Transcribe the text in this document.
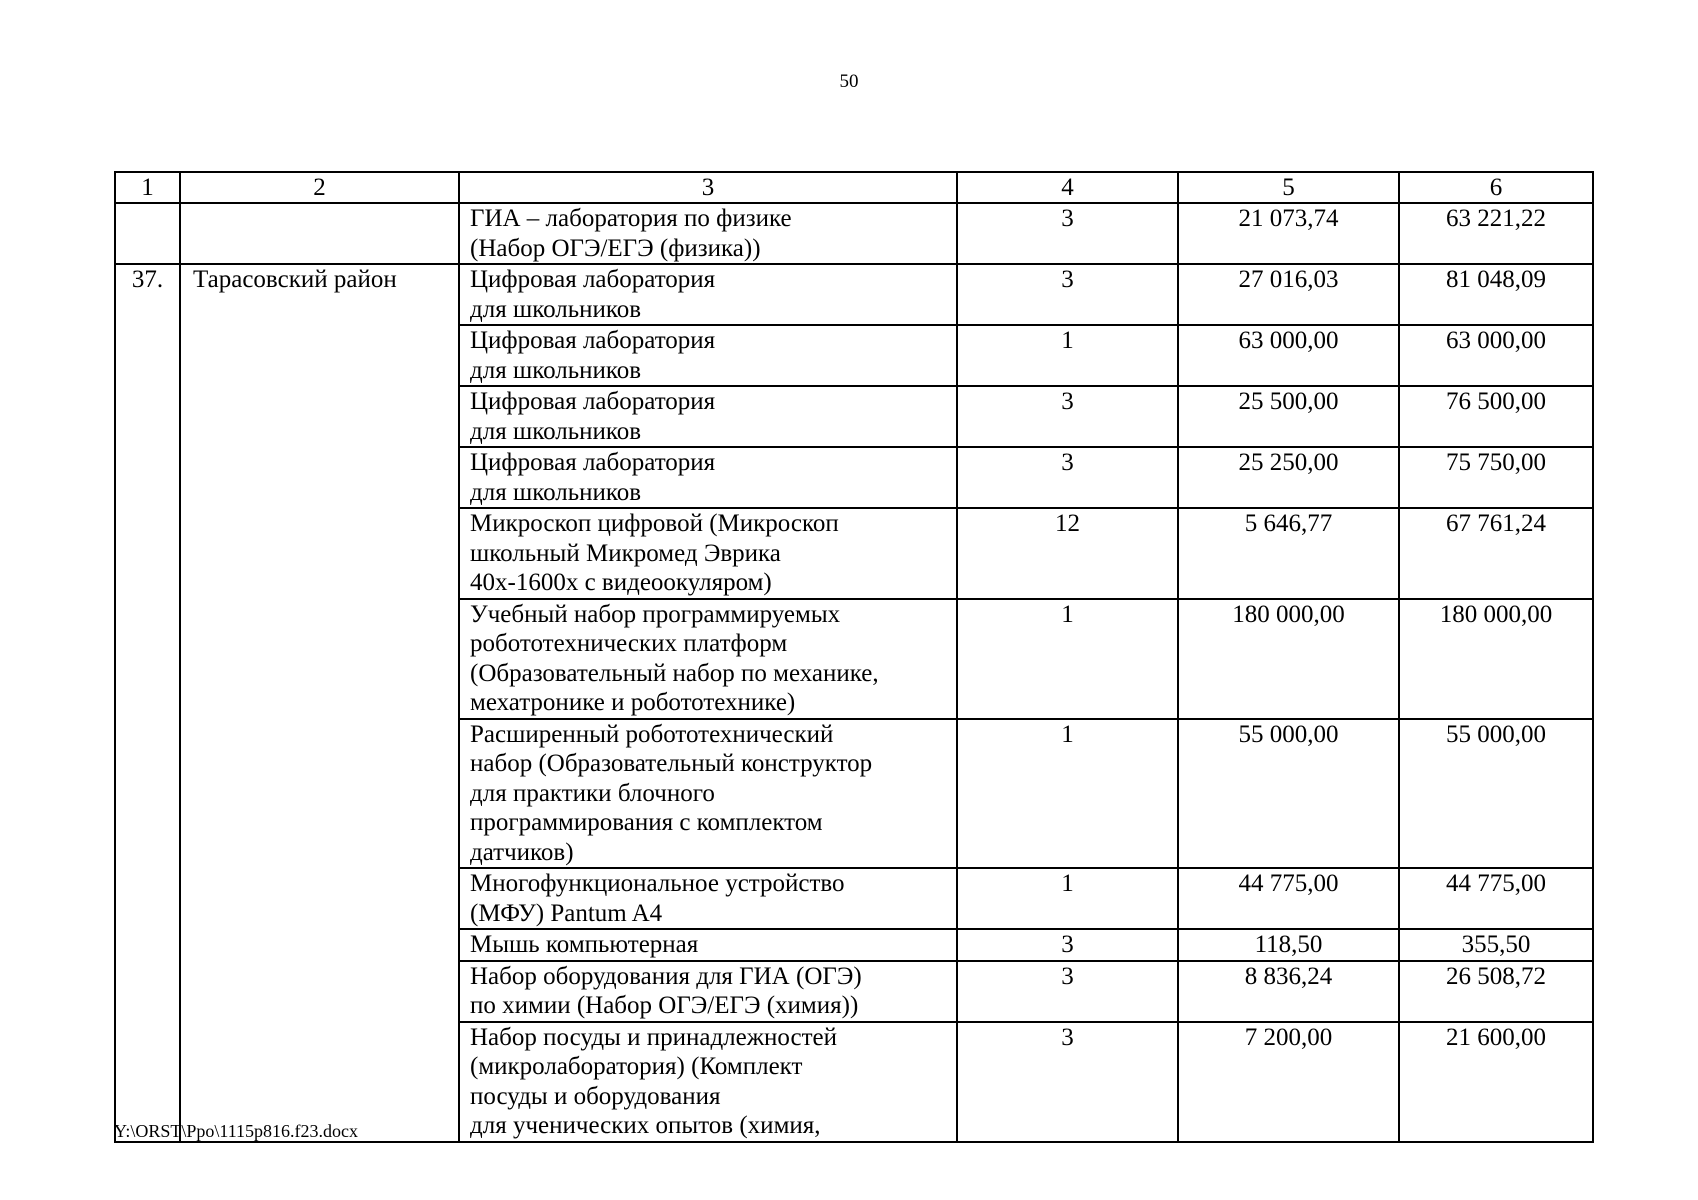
50
1	2	3	4	5	6
		ГИА – лаборатория по физике
(Набор ОГЭ/ЕГЭ (физика))	3	21 073,74	63 221,22
37.	Тарасовский район	Цифровая лаборатория
для школьников	3	27 016,03	81 048,09
		Цифровая лаборатория
для школьников	1	63 000,00	63 000,00
		Цифровая лаборатория
для школьников	3	25 500,00	76 500,00
		Цифровая лаборатория
для школьников	3	25 250,00	75 750,00
		Микроскоп цифровой (Микроскоп
школьный Микромед Эврика
40х-1600х с видеоокуляром)	12	5 646,77	67 761,24
		Учебный набор программируемых
робототехнических платформ
(Образовательный набор по механике,
мехатронике и робототехнике)	1	180 000,00	180 000,00
		Расширенный робототехнический
набор (Образовательный конструктор
для практики блочного
программирования с комплектом
датчиков)	1	55 000,00	55 000,00
		Многофункциональное устройство
(МФУ) Pantum A4	1	44 775,00	44 775,00
		Мышь компьютерная	3	118,50	355,50
		Набор оборудования для ГИА (ОГЭ)
по химии (Набор ОГЭ/ЕГЭ (химия))	3	8 836,24	26 508,72
		Набор посуды и принадлежностей
(микролаборатория) (Комплект
посуды и оборудования
для ученических опытов (химия,	3	7 200,00	21 600,00
Y:\ORST\Ppo\1115p816.f23.docx
